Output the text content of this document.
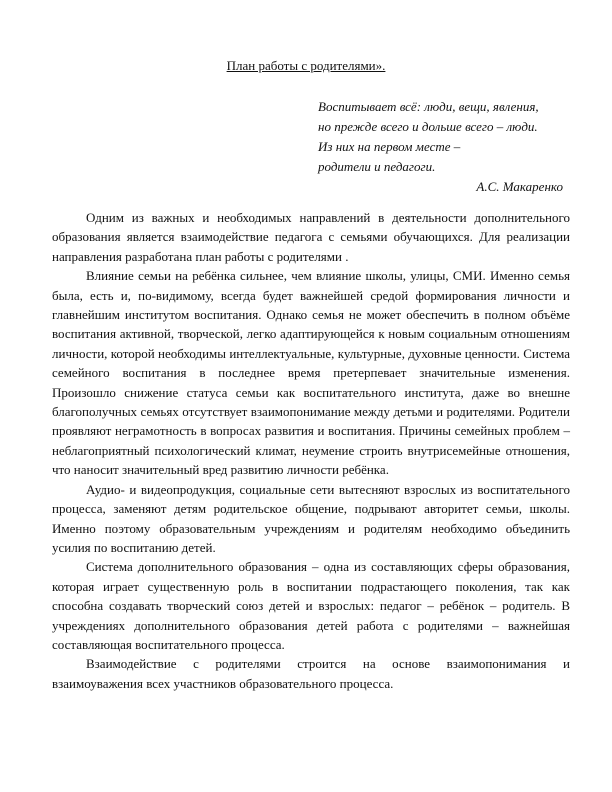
План работы с родителями».
Воспитывает всё: люди, вещи, явления,
но прежде всего и дольше всего – люди.
Из них на первом месте –
родители и педагоги.
А.С. Макаренко

Одним из важных и необходимых направлений в деятельности дополнительного образования является взаимодействие педагога с семьями обучающихся. Для реализации направления разработана план работы с родителями .

Влияние семьи на ребёнка сильнее, чем влияние школы, улицы, СМИ. Именно семья была, есть и, по-видимому, всегда будет важнейшей средой формирования личности и главнейшим институтом воспитания. Однако семья не может обеспечить в полном объёме воспитания активной, творческой, легко адаптирующейся к новым социальным отношениям личности, которой необходимы интеллектуальные, культурные, духовные ценности. Система семейного воспитания в последнее время претерпевает значительные изменения. Произошло снижение статуса семьи как воспитательного института, даже во внешне благополучных семьях отсутствует взаимопонимание между детьми и родителями. Родители проявляют неграмотность в вопросах развития и воспитания. Причины семейных проблем – неблагоприятный психологический климат, неумение строить внутрисемейные отношения, что наносит значительный вред развитию личности ребёнка.

Аудио- и видеопродукция, социальные сети вытесняют взрослых из воспитательного процесса, заменяют детям родительское общение, подрывают авторитет семьи, школы. Именно поэтому образовательным учреждениям и родителям необходимо объединить усилия по воспитанию детей.

Система дополнительного образования – одна из составляющих сферы образования, которая играет существенную роль в воспитании подрастающего поколения, так как способна создавать творческий союз детей и взрослых: педагог – ребёнок – родитель. В учреждениях дополнительного образования детей работа с родителями – важнейшая составляющая воспитательного процесса.

Взаимодействие с родителями строится на основе взаимопонимания и взаимоуважения всех участников образовательного процесса.
